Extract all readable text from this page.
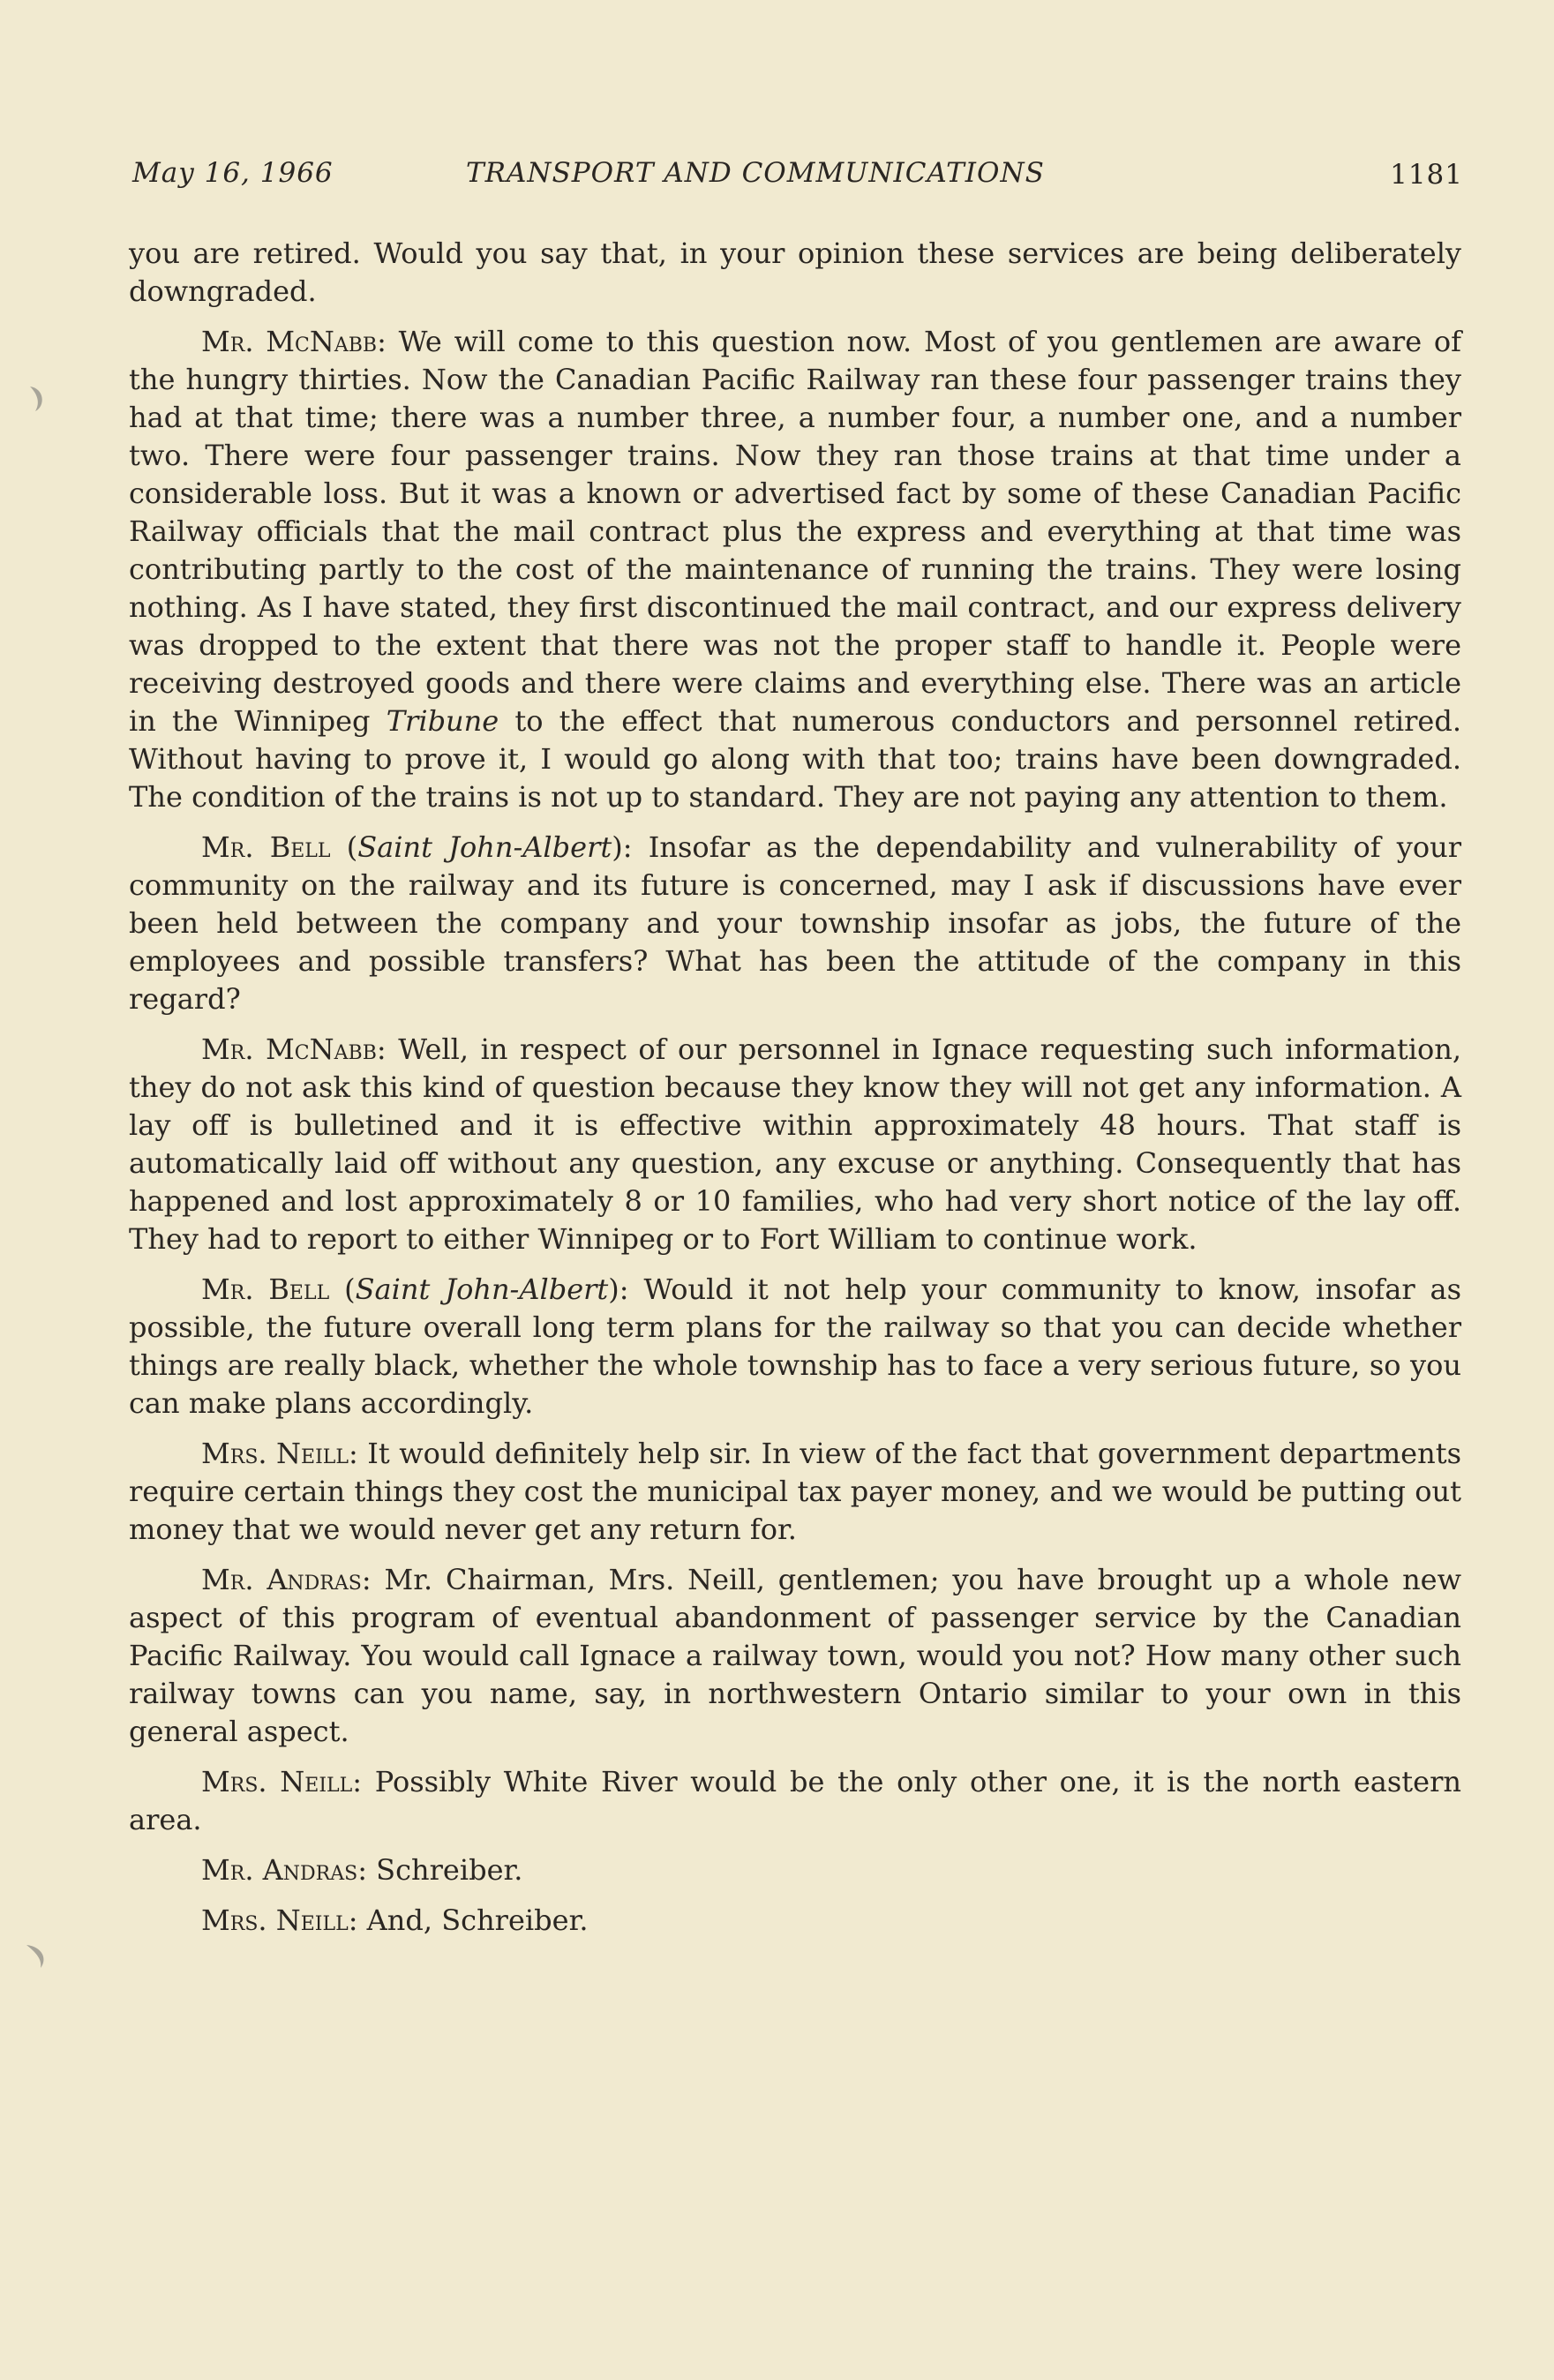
May 16, 1966	TRANSPORT AND COMMUNICATIONS	1181

you are retired. Would you say that, in your opinion these services are being deliberately downgraded.

Mr. McNabb: We will come to this question now. Most of you gentlemen are aware of the hungry thirties. Now the Canadian Pacific Railway ran these four passenger trains they had at that time; there was a number three, a number four, a number one, and a number two. There were four passenger trains. Now they ran those trains at that time under a considerable loss. But it was a known or advertised fact by some of these Canadian Pacific Railway officials that the mail contract plus the express and everything at that time was contributing partly to the cost of the maintenance of running the trains. They were losing nothing. As I have stated, they first discontinued the mail contract, and our express delivery was dropped to the extent that there was not the proper staff to handle it. People were receiving destroyed goods and there were claims and everything else. There was an article in the Winnipeg Tribune to the effect that numerous conductors and personnel retired. Without having to prove it, I would go along with that too; trains have been downgraded. The condition of the trains is not up to standard. They are not paying any attention to them.

Mr. Bell (Saint John-Albert): Insofar as the dependability and vulnerability of your community on the railway and its future is concerned, may I ask if discussions have ever been held between the company and your township insofar as jobs, the future of the employees and possible transfers? What has been the attitude of the company in this regard?

Mr. McNabb: Well, in respect of our personnel in Ignace requesting such information, they do not ask this kind of question because they know they will not get any information. A lay off is bulletined and it is effective within approximately 48 hours. That staff is automatically laid off without any question, any excuse or anything. Consequently that has happened and lost approximately 8 or 10 families, who had very short notice of the lay off. They had to report to either Winnipeg or to Fort William to continue work.

Mr. Bell (Saint John-Albert): Would it not help your community to know, insofar as possible, the future overall long term plans for the railway so that you can decide whether things are really black, whether the whole township has to face a very serious future, so you can make plans accordingly.

Mrs. Neill: It would definitely help sir. In view of the fact that government departments require certain things they cost the municipal tax payer money, and we would be putting out money that we would never get any return for.

Mr. Andras: Mr. Chairman, Mrs. Neill, gentlemen; you have brought up a whole new aspect of this program of eventual abandonment of passenger service by the Canadian Pacific Railway. You would call Ignace a railway town, would you not? How many other such railway towns can you name, say, in northwestern Ontario similar to your own in this general aspect.

Mrs. Neill: Possibly White River would be the only other one, it is the north eastern area.

Mr. Andras: Schreiber.

Mrs. Neill: And, Schreiber.
